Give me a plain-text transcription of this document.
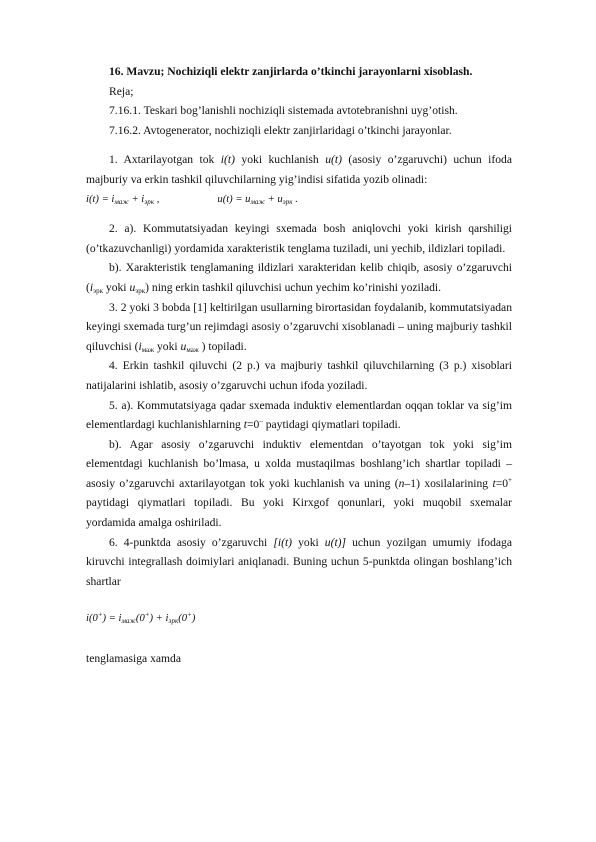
16. Mavzu; Nochiziqli elektr zanjirlarda o’tkinchi jarayonlarni xisoblash.

Reja;

7.16.1. Teskari bog’lanishli nochiziqli sistemada avtotebranishni uyg’otish.

7.16.2. Avtogenerator, nochiziqli elektr zanjirlaridagi o’tkinchi jarayonlar.

1. Axtarilayotgan tok i(t) yoki kuchlanish u(t) (asosiy o’zgaruvchi) uchun ifoda majburiy va erkin tashkil qiluvchilarning yig’indisi sifatida yozib olinadi:

$i(t) = i_{мaж} + i_{эрк}$ ,	$u(t) = u_{мaж} + u_{эрк}$ .

2. a). Kommutatsiyadan keyingi sxemada bosh aniqlovchi yoki kirish qarshiligi (o’tkazuvchanligi) yordamida xarakteristik tenglama tuziladi, uni yechib, ildizlari topiladi.

b). Xarakteristik tenglamaning ildizlari xarakteridan kelib chiqib, asosiy o’zgaruvchi ($i_{эрк}$ yoki $u_{эрк}$) ning erkin tashkil qiluvchisi uchun yechim ko’rinishi yoziladi.

3. 2 yoki 3 bobda [1] keltirilgan usullarning birortasidan foydalanib, kommutatsiyadan keyingi sxemada turg’un rejimdagi asosiy o’zgaruvchi xisoblanadi – uning majburiy tashkil qiluvchisi ($i_{мaж}$ yoki $u_{мaж}$ ) topiladi.

4. Erkin tashkil qiluvchi (2 p.) va majburiy tashkil qiluvchilarning (3 p.) xisoblari natijalarini ishlatib, asosiy o’zgaruvchi uchun ifoda yoziladi.

5. a). Kommutatsiyaga qadar sxemada induktiv elementlardan oqqan toklar va sig’im elementlardagi kuchlanishlarning t=0– paytidagi qiymatlari topiladi.

b). Agar asosiy o’zgaruvchi induktiv elementdan o’tayotgan tok yoki sig’im elementdagi kuchlanish bo’lmasa, u xolda mustaqilmas boshlang’ich shartlar topiladi – asosiy o’zgaruvchi axtarilayotgan tok yoki kuchlanish va uning (n–1) xosilalarining t=0+ paytidagi qiymatlari topiladi. Bu yoki Kirxgof qonunlari, yoki muqobil sxemalar yordamida amalga oshiriladi.

6. 4-punktda asosiy o’zgaruvchi [i(t) yoki u(t)] uchun yozilgan umumiy ifodaga kiruvchi integrallash doimiylari aniqlanadi. Buning uchun 5-punktda olingan boshlang’ich shartlar

$i(0^+) = i_{мaж}(0^+) + i_{эрк}(0^+)$

tenglamasiga xamda
